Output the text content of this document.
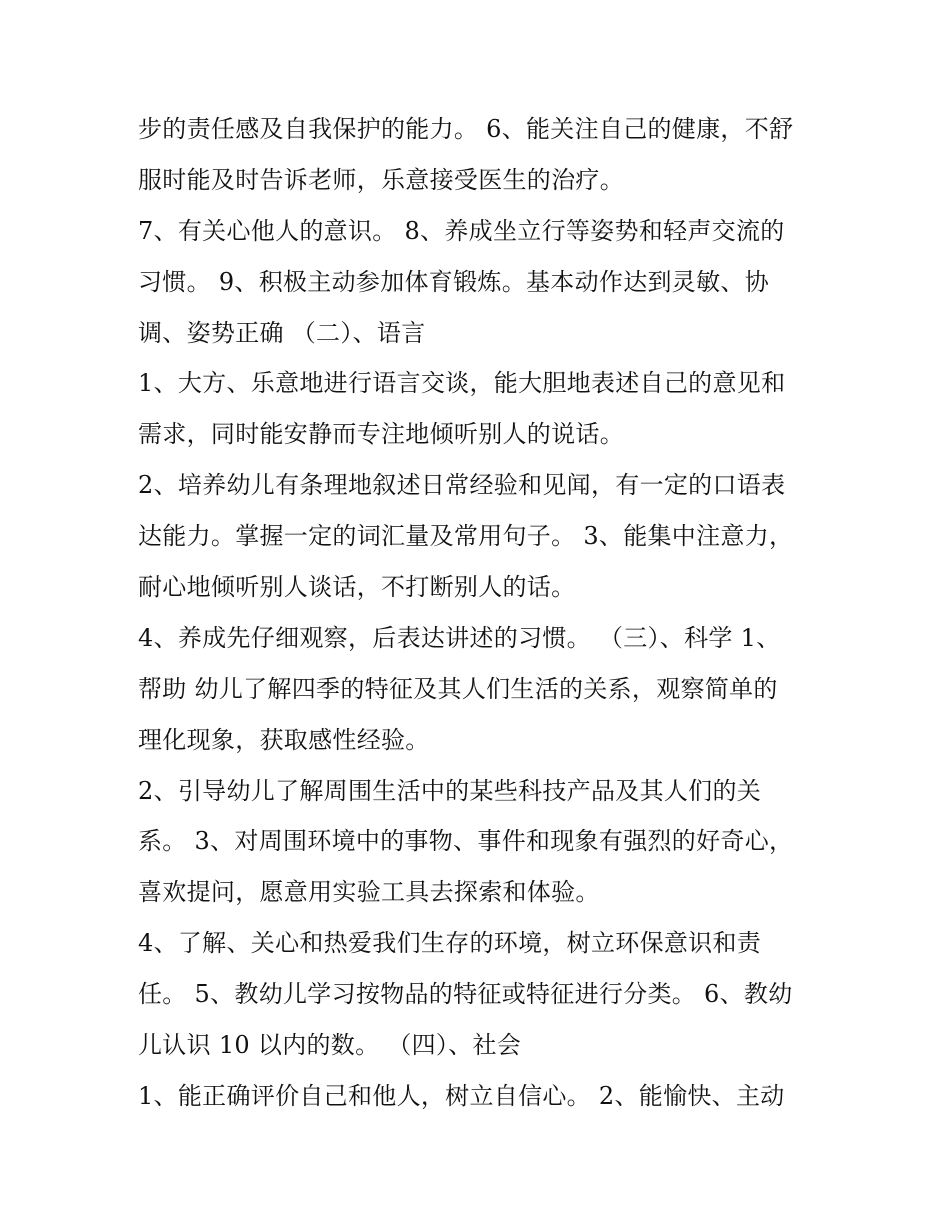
步的责任感及自我保护的能力。 6、能关注自己的健康，不舒
服时能及时告诉老师，乐意接受医生的治疗。
7、有关心他人的意识。 8、养成坐立行等姿势和轻声交流的
习惯。 9、积极主动参加体育锻炼。基本动作达到灵敏、协
调、姿势正确 （二）、语言
1、大方、乐意地进行语言交谈，能大胆地表述自己的意见和
需求，同时能安静而专注地倾听别人的说话。
2、培养幼儿有条理地叙述日常经验和见闻，有一定的口语表
达能力。掌握一定的词汇量及常用句子。 3、能集中注意力，
耐心地倾听别人谈话，不打断别人的话。
4、养成先仔细观察，后表达讲述的习惯。 （三）、科学 1、
帮助 幼儿了解四季的特征及其人们生活的关系，观察简单的
理化现象，获取感性经验。
2、引导幼儿了解周围生活中的某些科技产品及其人们的关
系。 3、对周围环境中的事物、事件和现象有强烈的好奇心，
喜欢提问，愿意用实验工具去探索和体验。
4、了解、关心和热爱我们生存的环境，树立环保意识和责
任。 5、教幼儿学习按物品的特征或特征进行分类。 6、教幼
儿认识 10 以内的数。 （四）、社会
1、能正确评价自己和他人，树立自信心。 2、能愉快、主动
